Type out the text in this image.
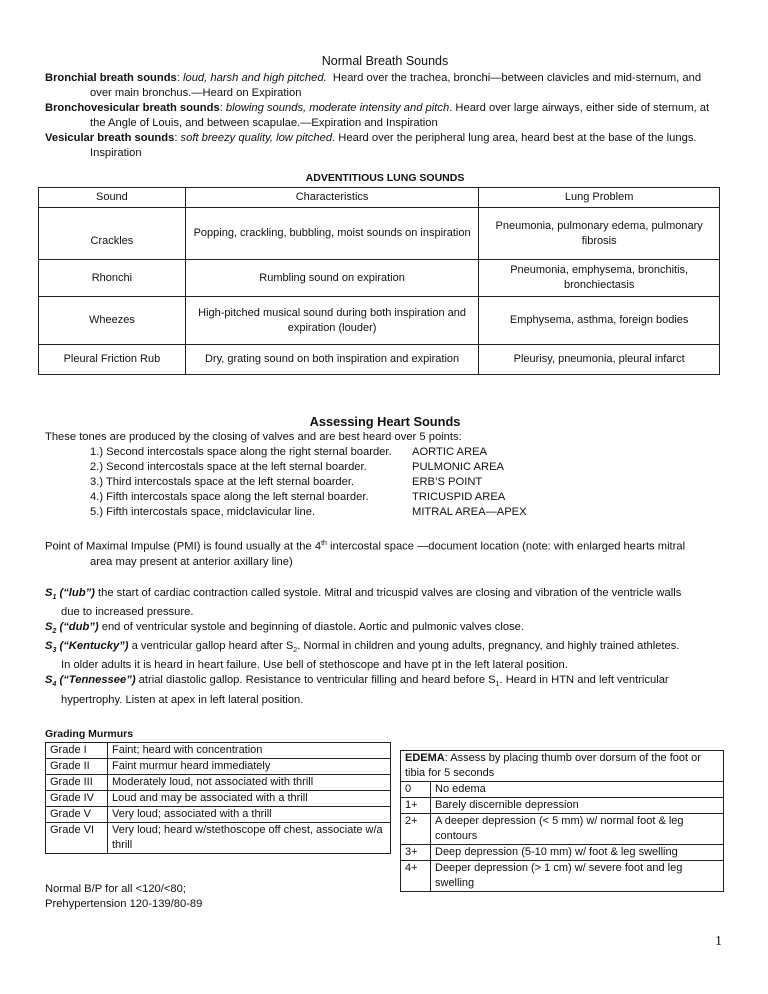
Normal Breath Sounds

Bronchial breath sounds: loud, harsh and high pitched. Heard over the trachea, bronchi—between clavicles and mid-sternum, and
over main bronchus.—Heard on Expiration

Bronchovesicular breath sounds: blowing sounds, moderate intensity and pitch. Heard over large airways, either side of sternum, at
the Angle of Louis, and between scapulae.—Expiration and Inspiration

Vesicular breath sounds: soft breezy quality, low pitched. Heard over the peripheral lung area, heard best at the base of the lungs.
Inspiration

ADVENTITIOUS LUNG SOUNDS
Sound	Characteristics	Lung Problem
Crackles	Popping, crackling, bubbling, moist sounds on inspiration	Pneumonia, pulmonary edema, pulmonary fibrosis
Rhonchi	Rumbling sound on expiration	Pneumonia, emphysema, bronchitis, bronchiectasis
Wheezes	High-pitched musical sound during both inspiration and expiration (louder)	Emphysema, asthma, foreign bodies
Pleural Friction Rub	Dry, grating sound on both inspiration and expiration	Pleurisy, pneumonia, pleural infarct
Assessing Heart Sounds
These tones are produced by the closing of valves and are best heard over 5 points:
1.) Second intercostals space along the right sternal boarder.	AORTIC AREA
2.) Second intercostals space at the left sternal boarder.	PULMONIC AREA
3.) Third intercostals space at the left sternal boarder.	ERB’S POINT
4.) Fifth intercostals space along the left sternal boarder.	TRICUSPID AREA
5.) Fifth intercostals space, midclavicular line.	MITRAL AREA—APEX
Point of Maximal Impulse (PMI) is found usually at the 4th intercostal space —document location (note: with enlarged hearts mitral
area may present at anterior axillary line)

$S_1$ (“lub”) the start of cardiac contraction called systole. Mitral and tricuspid valves are closing and vibration of the ventricle walls
due to increased pressure.

$S_2$ (“dub”) end of ventricular systole and beginning of diastole. Aortic and pulmonic valves close.

$S_3$ (“Kentucky”) a ventricular gallop heard after $S_2$. Normal in children and young adults, pregnancy, and highly trained athletes.
In older adults it is heard in heart failure. Use bell of stethoscope and have pt in the left lateral position.

$S_4$ (“Tennessee”) atrial diastolic gallop. Resistance to ventricular filling and heard before $S_1$. Heard in HTN and left ventricular
hypertrophy. Listen at apex in left lateral position.

Grading Murmurs
Grade I	Faint; heard with concentration
Grade II	Faint murmur heard immediately
Grade III	Moderately loud, not associated with thrill
Grade IV	Loud and may be associated with a thrill
Grade V	Very loud; associated with a thrill
Grade VI	Very loud; heard w/stethoscope off chest, associate w/a thrill
EDEMA: Assess by placing thumb over dorsum of the foot or tibia for 5 seconds	
0	No edema
1+	Barely discernible depression
2+	A deeper depression (< 5 mm) w/ normal foot & leg contours
3+	Deep depression (5-10 mm) w/ foot & leg swelling
4+	Deeper depression (> 1 cm) w/ severe foot and leg swelling
Normal B/P for all <120/<80;
Prehypertension 120-139/80-89
1
